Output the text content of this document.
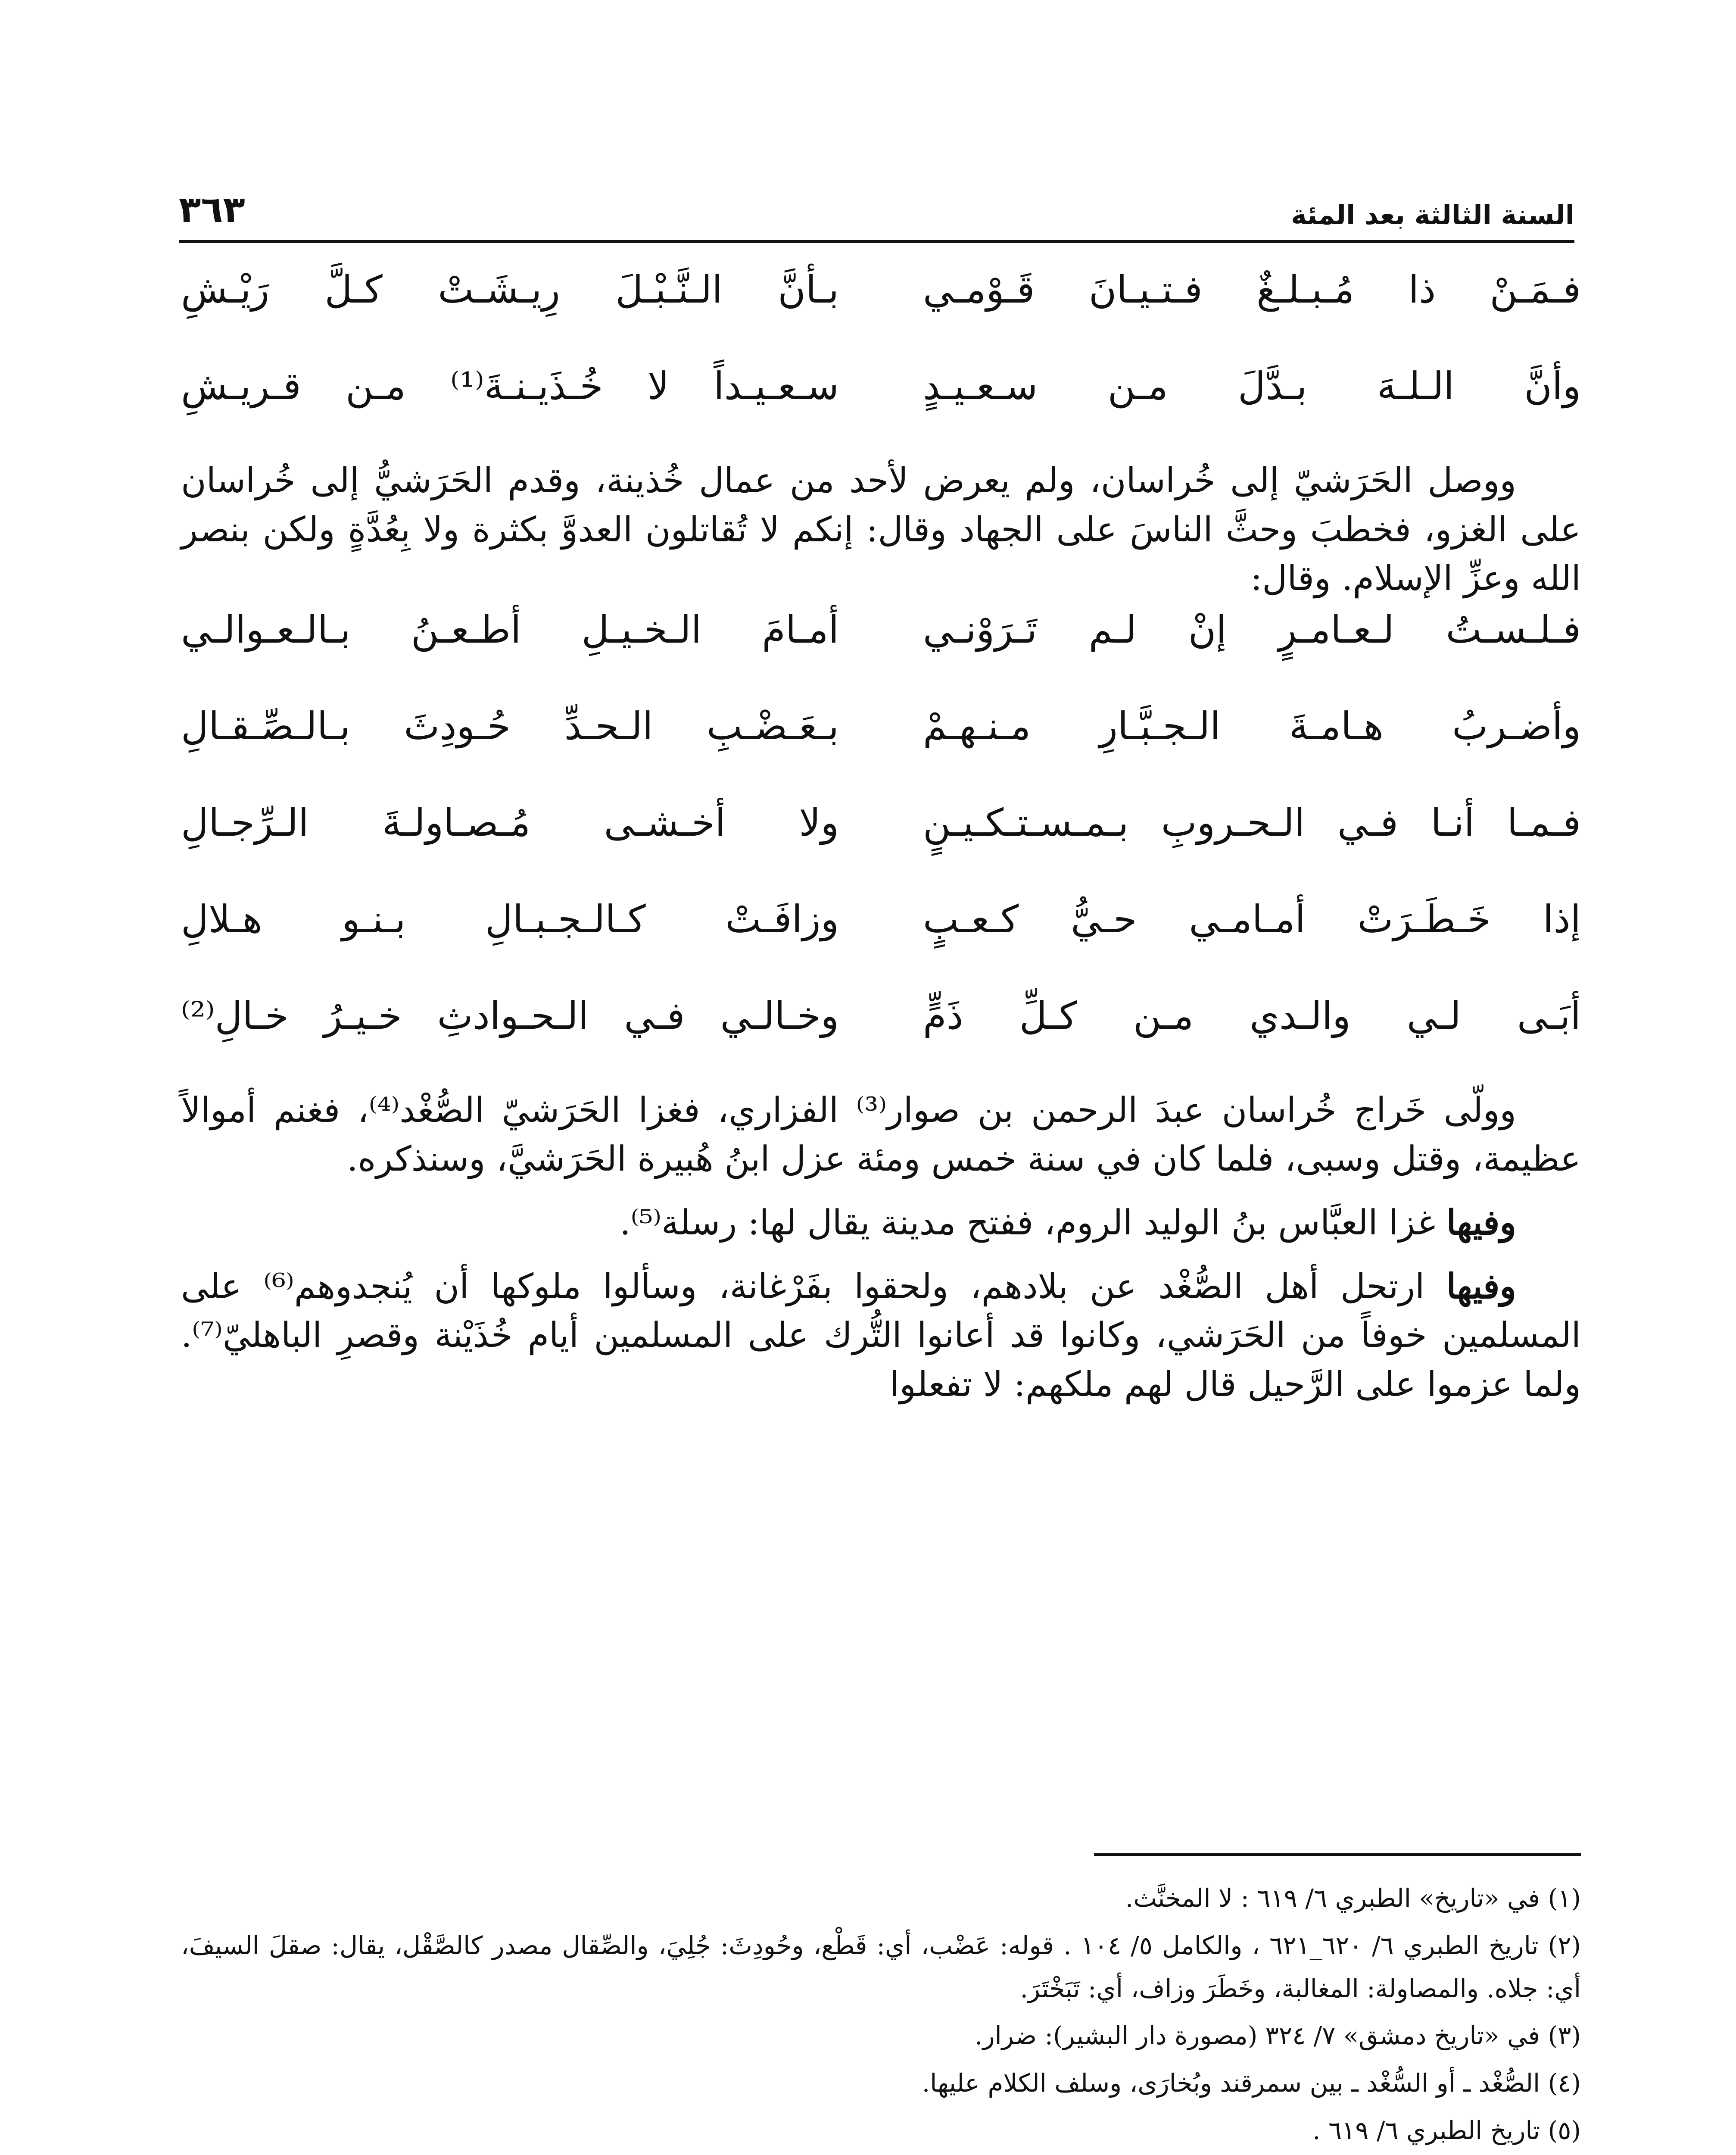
السنة الثالثة بعد المئة
٣٦٣
فـمَـنْ ذا مُـبـلـغٌ فـتـيـانَ قَـوْمـي
بـأنَّ الـنَّـبْـلَ رِيـشَـتْ كـلَّ رَيْـشِ
وأنَّ الـلـهَ بـدَّلَ مـن سـعـيـدٍ
سـعـيـداً لا خُـذَيـنـةَ⁽¹⁾ مـن قـريـشِ

ووصل الحَرَشيّ إلى خُراسان، ولم يعرض لأحد من عمال خُذينة، وقدم الحَرَشيُّ إلى خُراسان على الغزو، فخطبَ وحثَّ الناسَ على الجهاد وقال: إنكم لا تُقاتلون العدوَّ بكثرة ولا بِعُدَّةٍ ولكن بنصر الله وعزِّ الإسلام. وقال:

فـلـسـتُ لـعـامـرٍ إنْ لـم تَـرَوْنـي
أمـامَ الـخـيـلِ أطـعـنُ بـالـعـوالـي
وأضـربُ هـامـةَ الـجـبَّـارِ مـنـهـمْ
بـعَـضْـبِ الـحـدِّ حُـودِثَ بـالـصِّـقـالِ
فـمـا أنـا فـي الـحـروبِ بـمـسـتـكـيـنٍ
ولا أخـشـى مُـصـاولـةَ الـرِّجـالِ
إذا خَـطَـرَتْ أمـامـي حـيُّ كـعـبٍ
وزافَـتْ كـالـجـبـالِ بـنـو هـلالِ
أبَـى لـي والـدي مـن كـلِّ ذَمٍّ
وخـالـي فـي الـحـوادثِ خـيـرُ خـالِ⁽²⁾

وولّى خَراج خُراسان عبدَ الرحمن بن صوار⁽³⁾ الفزاري، فغزا الحَرَشيّ الصُّغْد⁽⁴⁾، فغنم أموالاً عظيمة، وقتل وسبى، فلما كان في سنة خمس ومئة عزل ابنُ هُبيرة الحَرَشيَّ، وسنذكره.

وفيها غزا العبَّاس بنُ الوليد الروم، ففتح مدينة يقال لها: رسلة⁽⁵⁾.

وفيها ارتحل أهل الصُّغْد عن بلادهم، ولحقوا بفَرْغانة، وسألوا ملوكها أن يُنجدوهم⁽⁶⁾ على المسلمين خوفاً من الحَرَشي، وكانوا قد أعانوا التُّرك على المسلمين أيام خُذَيْنة وقصرِ الباهليّ⁽⁷⁾. ولما عزموا على الرَّحيل قال لهم ملكهم: لا تفعلوا

(١) في «تاريخ» الطبري ٦/ ٦١٩ : لا المخنَّث.

(٢) تاريخ الطبري ٦/ ٦٢٠_٦٢١ ، والكامل ٥/ ١٠٤ . قوله: عَضْب، أي: قَطْع، وحُودِثَ: جُلِيَ، والصِّقال مصدر كالصَّقْل، يقال: صقلَ السيفَ، أي: جلاه. والمصاولة: المغالبة، وخَطَرَ وزاف، أي: تَبَخْتَرَ.

(٣) في «تاريخ دمشق» ٧/ ٣٢٤ (مصورة دار البشير): ضرار.

(٤) الصُّغْد ـ أو السُّغْد ـ بين سمرقند وبُخارَى، وسلف الكلام عليها.

(٥) تاريخ الطبري ٦/ ٦١٩ .
